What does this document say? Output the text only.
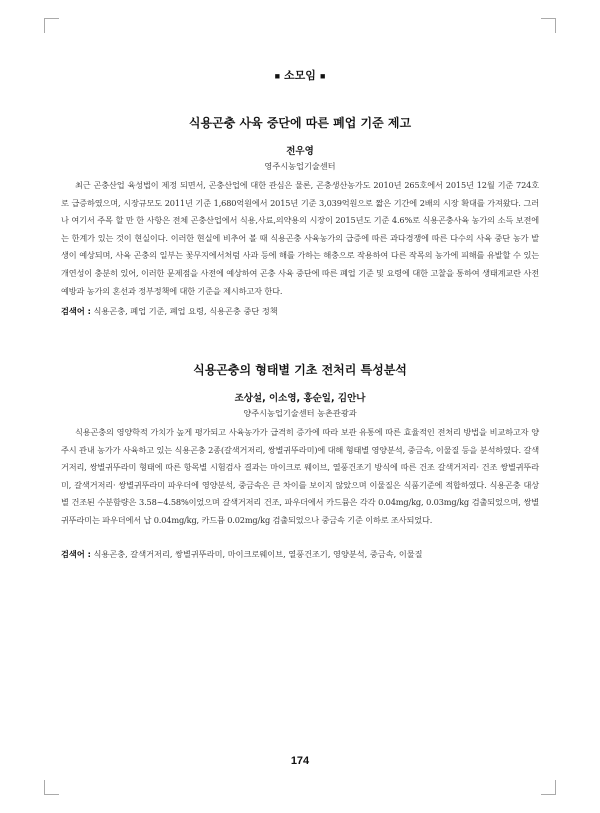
■ 소모임 ■
식용곤충 사육 중단에 따른 폐업 기준 제고
전우영
영주시농업기술센터

최근 곤충산업 육성법이 제정 되면서, 곤충산업에 대한 관심은 물론, 곤충생산농가도 2010년 265호에서 2015년 12월 기준 724호로 급증하였으며, 시장규모도 2011년 기준 1,680억원에서 2015년 기준 3,039억원으로 짧은 기간에 2배의 시장 확대를 가져왔다. 그러나 여기서 주목 할 만 한 사항은 전체 곤충산업에서 식용,사료,의약용의 시장이 2015년도 기준 4.6%로 식용곤충사육 농가의 소득 보전에는 한계가 있는 것이 현실이다. 이러한 현실에 비추어 볼 때 식용곤충 사육농가의 급증에 따른 과다경쟁에 따른 다수의 사육 중단 농가 발생이 예상되며, 사육 곤충의 일부는 꽃무지에서처럼 사과 등에 해를 가하는 해충으로 작용하여 다른 작목의 농가에 피해를 유발할 수 있는 개연성이 충분히 있어, 이러한 문제점을 사전에 예상하여 곤충 사육 중단에 따른 폐업 기준 및 요령에 대한 고찰을 통하여 생태계교란 사전예방과 농가의 혼선과 정부정책에 대한 기준을 제시하고자 한다.

검색어 : 식용곤충, 폐업 기준, 폐업 요령, 식용곤충 중단 정책
식용곤충의 형태별 기초 전처리 특성분석
조상설, 이소영, 홍순일, 김안나
양주시농업기술센터 농촌관광과

식용곤충의 영양학적 가치가 높게 평가되고 사육농가가 급격히 증가에 따라 보관 유통에 따른 효율적인 전처리 방법을 비교하고자 양주시 관내 농가가 사육하고 있는 식용곤충 2종(갈색거저리, 쌍별귀뚜라미)에 대해 형태별 영양분석, 중금속, 이물질 등을 분석하였다. 갈색거저리, 쌍별귀뚜라미 형태에 따른 항목별 시험검사 결과는 마이크로 웨이브, 열풍건조기 방식에 따른 건조 갈색거저리· 건조 쌍별귀뚜라미, 갈색거저리· 쌍별귀뚜라미 파우더에 영양분석, 중금속은 큰 차이를 보이지 않았으며 이물질은 식품기준에 적합하였다. 식용곤충 대상별 건조된 수분함량은 3.58~4.58%이었으며 갈색거저리 건조, 파우더에서 카드뮴은 각각 0.04mg/kg, 0.03mg/kg 검출되었으며, 쌍별귀뚜라미는 파우더에서 납 0.04mg/kg, 카드뮴 0.02mg/kg 검출되었으나 중금속 기준 이하로 조사되었다.

검색어 : 식용곤충, 갈색거저리, 쌍별귀뚜라미, 마이크로웨이브, 열풍건조기, 영양분석, 중금속, 이물질
174
